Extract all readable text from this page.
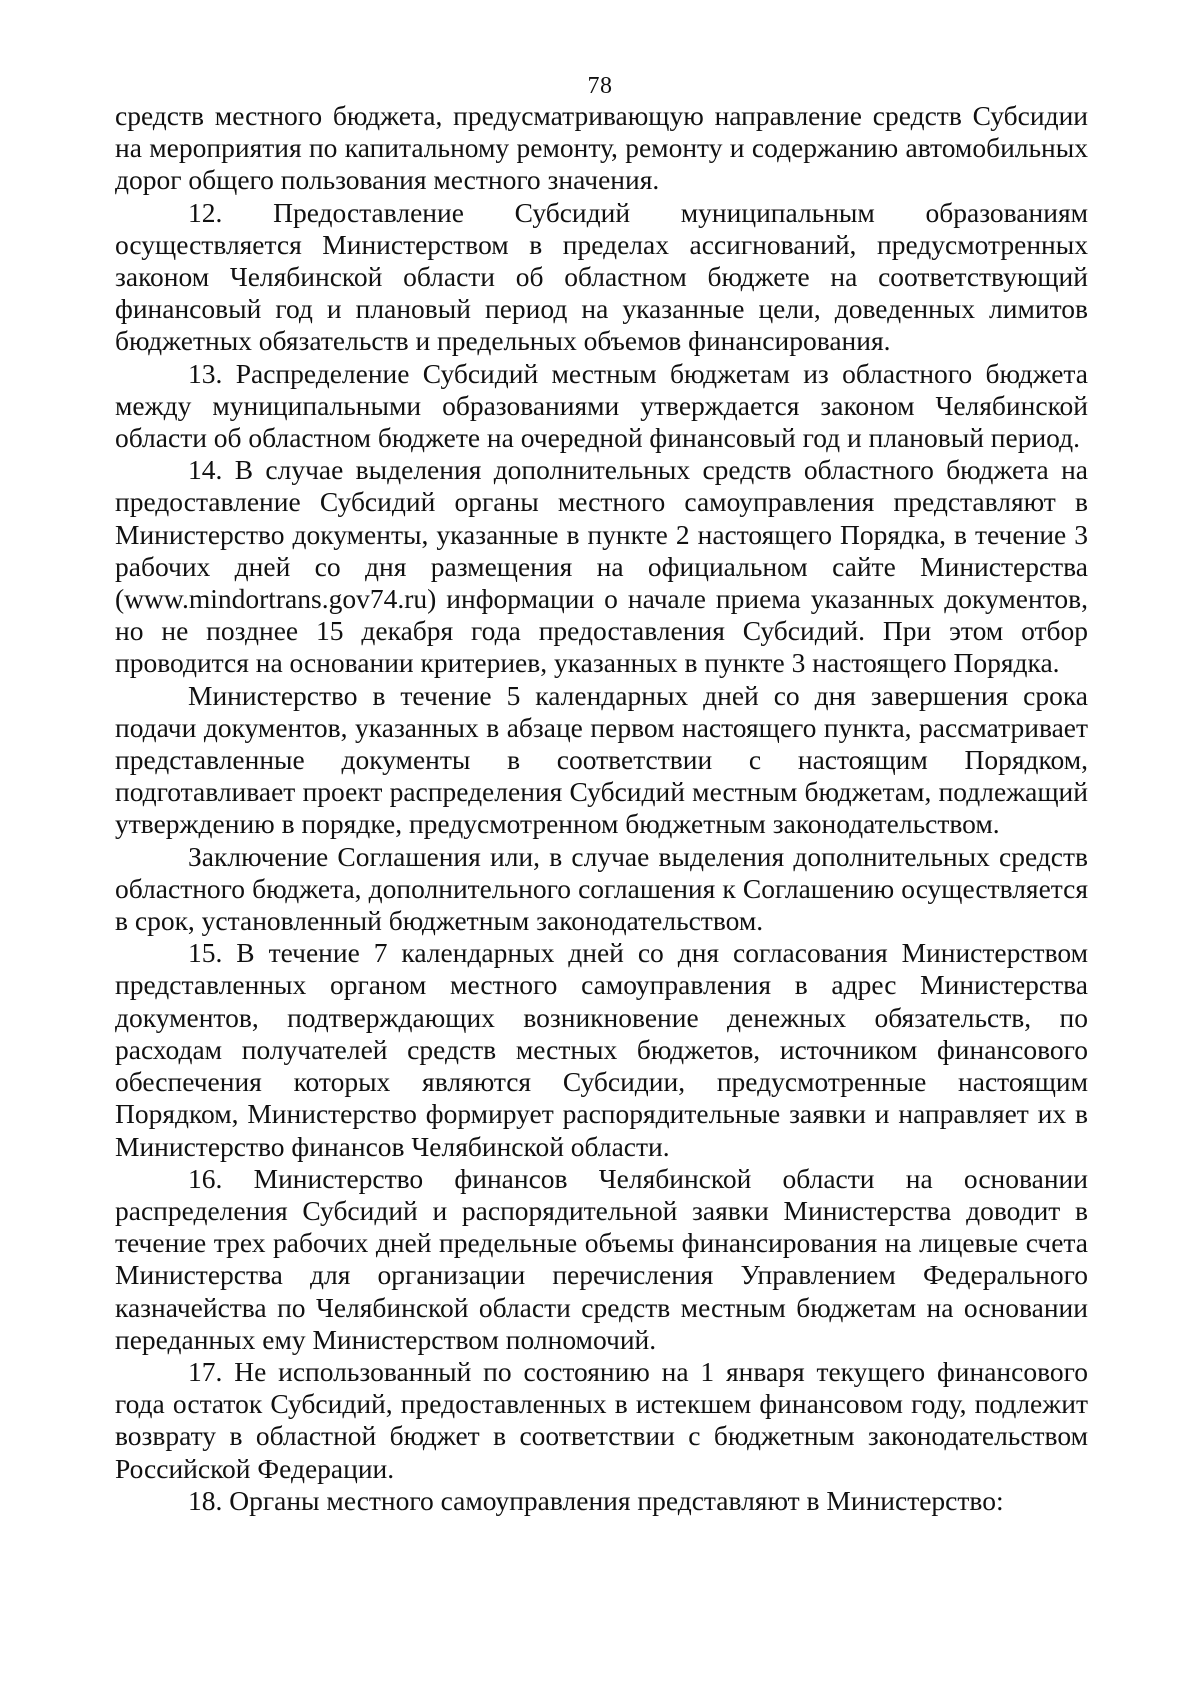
78

средств местного бюджета, предусматривающую направление средств Субсидии на мероприятия по капитальному ремонту, ремонту и содержанию автомобильных дорог общего пользования местного значения.

12. Предоставление Субсидий муниципальным образованиям осуществляется Министерством в пределах ассигнований, предусмотренных законом Челябинской области об областном бюджете на соответствующий финансовый год и плановый период на указанные цели, доведенных лимитов бюджетных обязательств и предельных объемов финансирования.

13. Распределение Субсидий местным бюджетам из областного бюджета между муниципальными образованиями утверждается законом Челябинской области об областном бюджете на очередной финансовый год и плановый период.

14. В случае выделения дополнительных средств областного бюджета на предоставление Субсидий органы местного самоуправления представляют в Министерство документы, указанные в пункте 2 настоящего Порядка, в течение 3 рабочих дней со дня размещения на официальном сайте Министерства (www.mindortrans.gov74.ru) информации о начале приема указанных документов, но не позднее 15 декабря года предоставления Субсидий. При этом отбор проводится на основании критериев, указанных в пункте 3 настоящего Порядка.

Министерство в течение 5 календарных дней со дня завершения срока подачи документов, указанных в абзаце первом настоящего пункта, рассматривает представленные документы в соответствии с настоящим Порядком, подготавливает проект распределения Субсидий местным бюджетам, подлежащий утверждению в порядке, предусмотренном бюджетным законодательством.

Заключение Соглашения или, в случае выделения дополнительных средств областного бюджета, дополнительного соглашения к Соглашению осуществляется в срок, установленный бюджетным законодательством.

15. В течение 7 календарных дней со дня согласования Министерством представленных органом местного самоуправления в адрес Министерства документов, подтверждающих возникновение денежных обязательств, по расходам получателей средств местных бюджетов, источником финансового обеспечения которых являются Субсидии, предусмотренные настоящим Порядком, Министерство формирует распорядительные заявки и направляет их в Министерство финансов Челябинской области.

16. Министерство финансов Челябинской области на основании распределения Субсидий и распорядительной заявки Министерства доводит в течение трех рабочих дней предельные объемы финансирования на лицевые счета Министерства для организации перечисления Управлением Федерального казначейства по Челябинской области средств местным бюджетам на основании переданных ему Министерством полномочий.

17. Не использованный по состоянию на 1 января текущего финансового года остаток Субсидий, предоставленных в истекшем финансовом году, подлежит возврату в областной бюджет в соответствии с бюджетным законодательством Российской Федерации.

18. Органы местного самоуправления представляют в Министерство:
